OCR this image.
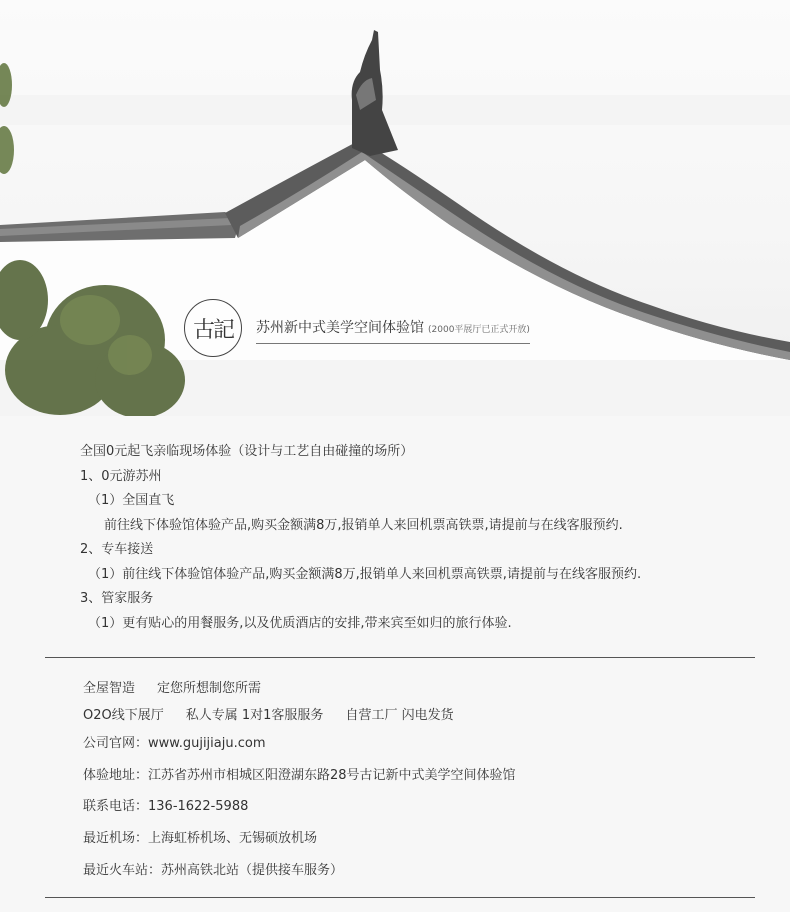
古記	苏州新中式美学空间体验馆 (2000平展厅已正式开放)
全国0元起飞亲临现场体验（设计与工艺自由碰撞的场所）
1、0元游苏州
（1）全国直飞
前往线下体验馆体验产品,购买金额满8万,报销单人来回机票高铁票,请提前与在线客服预约.
2、专车接送
（1）前往线下体验馆体验产品,购买金额满8万,报销单人来回机票高铁票,请提前与在线客服预约.
3、管家服务
（1）更有贴心的用餐服务,以及优质酒店的安排,带来宾至如归的旅行体验.
全屋智造 定您所想制您所需
O2O线下展厅 私人专属 1对1客服服务 自营工厂 闪电发货
公司官网：www.gujijiaju.com
体验地址：江苏省苏州市相城区阳澄湖东路28号古记新中式美学空间体验馆
联系电话：136-1622-5988
最近机场：上海虹桥机场、无锡硕放机场
最近火车站：苏州高铁北站（提供接车服务）
